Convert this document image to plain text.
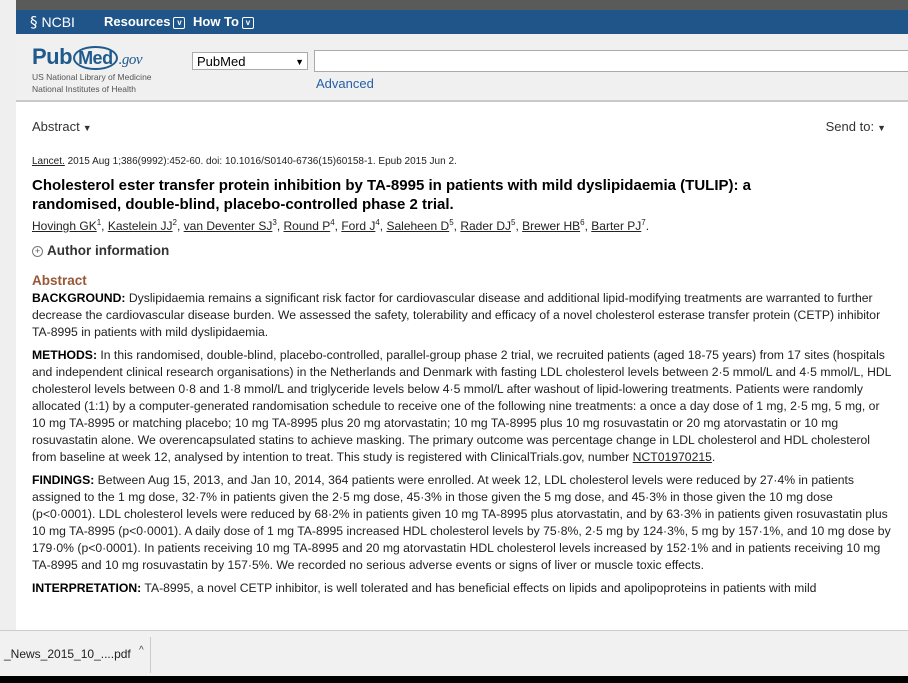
§ NCBI Resources v How To v
Pub Med .gov
US National Library of Medicine
National Institutes of Health
PubMed	▼
Advanced
Abstract ▼	Send to: ▼
Lancet. 2015 Aug 1;386(9992):452-60. doi: 10.1016/S0140-6736(15)60158-1. Epub 2015 Jun 2.
Cholesterol ester transfer protein inhibition by TA-8995 in patients with mild dyslipidaemia (TULIP): a randomised, double-blind, placebo-controlled phase 2 trial.
Hovingh $GK^1$, Kastelein $JJ^2$, van Deventer $SJ^3$, Round $P^4$, Ford $J^4$, Saleheen $D^5$, Rader $DJ^5$, Brewer $HB^6$, Barter $PJ^7$.
+ Author information
Abstract

BACKGROUND: Dyslipidaemia remains a significant risk factor for cardiovascular disease and additional lipid-modifying treatments are warranted to further decrease the cardiovascular disease burden. We assessed the safety, tolerability and efficacy of a novel cholesterol esterase transfer protein (CETP) inhibitor TA-8995 in patients with mild dyslipidaemia.

METHODS: In this randomised, double-blind, placebo-controlled, parallel-group phase 2 trial, we recruited patients (aged 18-75 years) from 17 sites (hospitals and independent clinical research organisations) in the Netherlands and Denmark with fasting LDL cholesterol levels between 2·5 mmol/L and 4·5 mmol/L, HDL cholesterol levels between 0·8 and 1·8 mmol/L and triglyceride levels below 4·5 mmol/L after washout of lipid-lowering treatments. Patients were randomly allocated (1:1) by a computer-generated randomisation schedule to receive one of the following nine treatments: a once a day dose of 1 mg, 2·5 mg, 5 mg, or 10 mg TA-8995 or matching placebo; 10 mg TA-8995 plus 20 mg atorvastatin; 10 mg TA-8995 plus 10 mg rosuvastatin or 20 mg atorvastatin or 10 mg rosuvastatin alone. We overencapsulated statins to achieve masking. The primary outcome was percentage change in LDL cholesterol and HDL cholesterol from baseline at week 12, analysed by intention to treat. This study is registered with ClinicalTrials.gov, number NCT01970215.

FINDINGS: Between Aug 15, 2013, and Jan 10, 2014, 364 patients were enrolled. At week 12, LDL cholesterol levels were reduced by 27·4% in patients assigned to the 1 mg dose, 32·7% in patients given the 2·5 mg dose, 45·3% in those given the 5 mg dose, and 45·3% in those given the 10 mg dose (p<0·0001). LDL cholesterol levels were reduced by 68·2% in patients given 10 mg TA-8995 plus atorvastatin, and by 63·3% in patients given rosuvastatin plus 10 mg TA-8995 (p<0·0001). A daily dose of 1 mg TA-8995 increased HDL cholesterol levels by 75·8%, 2·5 mg by 124·3%, 5 mg by 157·1%, and 10 mg dose by 179·0% (p<0·0001). In patients receiving 10 mg TA-8995 and 20 mg atorvastatin HDL cholesterol levels increased by 152·1% and in patients receiving 10 mg TA-8995 and 10 mg rosuvastatin by 157·5%. We recorded no serious adverse events or signs of liver or muscle toxic effects.

INTERPRETATION: TA-8995, a novel CETP inhibitor, is well tolerated and has beneficial effects on lipids and apolipoproteins in patients with mild

_News_2015_10_....pdf ^
